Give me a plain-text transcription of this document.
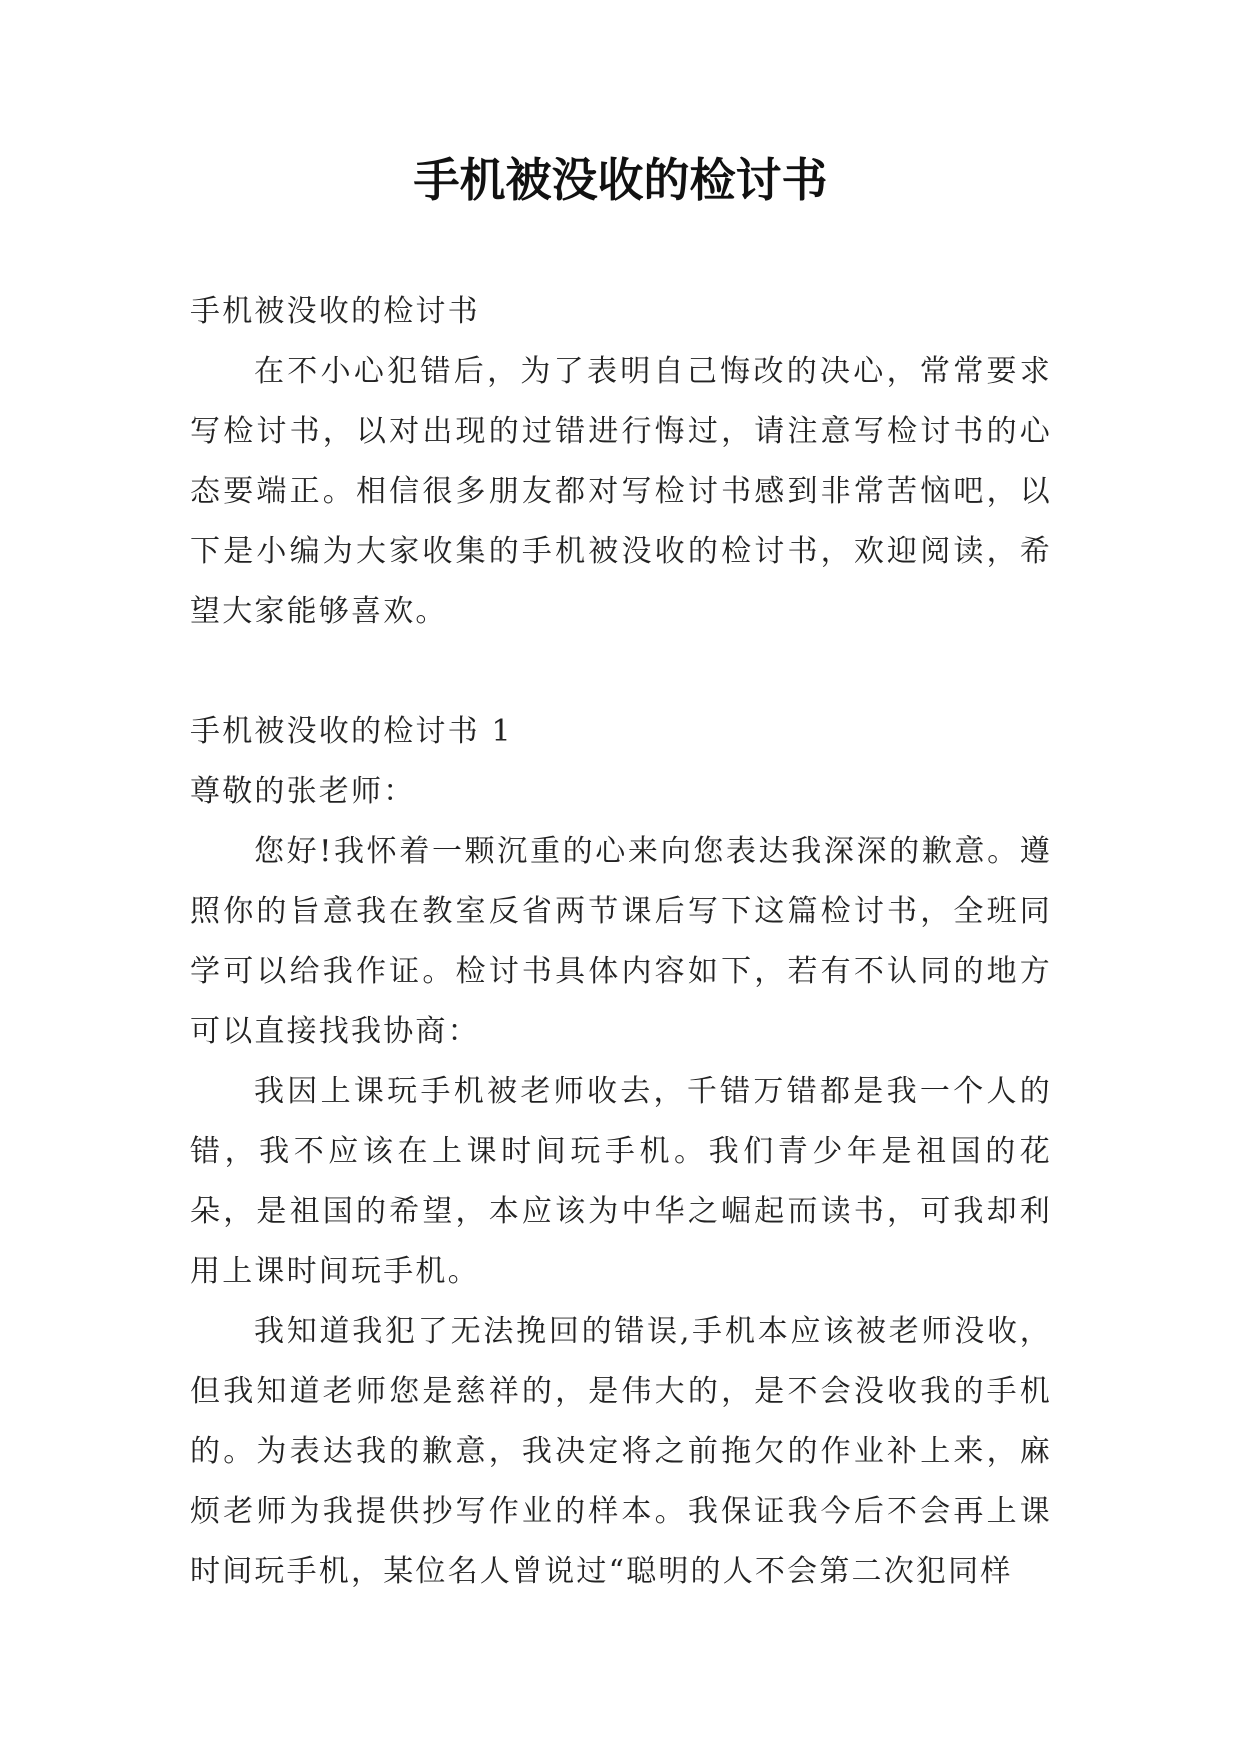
手机被没收的检讨书

手机被没收的检讨书

在不小心犯错后，为了表明自己悔改的决心，常常要求写检讨书，以对出现的过错进行悔过，请注意写检讨书的心态要端正。相信很多朋友都对写检讨书感到非常苦恼吧，以下是小编为大家收集的手机被没收的检讨书，欢迎阅读，希望大家能够喜欢。

手机被没收的检讨书 1

尊敬的张老师：

您好!我怀着一颗沉重的心来向您表达我深深的歉意。遵照你的旨意我在教室反省两节课后写下这篇检讨书，全班同学可以给我作证。检讨书具体内容如下，若有不认同的地方可以直接找我协商：

我因上课玩手机被老师收去，千错万错都是我一个人的错，我不应该在上课时间玩手机。我们青少年是祖国的花朵，是祖国的希望，本应该为中华之崛起而读书，可我却利用上课时间玩手机。

我知道我犯了无法挽回的错误,手机本应该被老师没收，但我知道老师您是慈祥的，是伟大的，是不会没收我的手机的。为表达我的歉意，我决定将之前拖欠的作业补上来，麻烦老师为我提供抄写作业的样本。我保证我今后不会再上课时间玩手机，某位名人曾说过“聪明的人不会第二次犯同样
